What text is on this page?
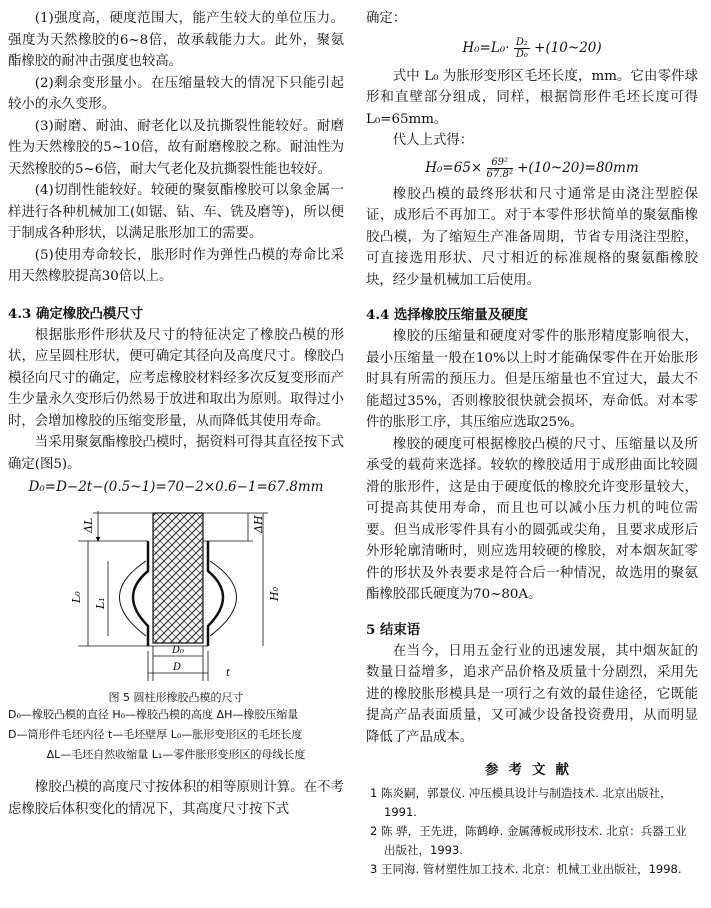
(1)强度高，硬度范围大，能产生较大的单位压力。强度为天然橡胶的6~8倍，故承载能力大。此外，聚氨酯橡胶的耐冲击强度也较高。

(2)剩余变形量小。在压缩量较大的情况下只能引起较小的永久变形。

(3)耐磨、耐油、耐老化以及抗撕裂性能较好。耐磨性为天然橡胶的5~10倍，故有耐磨橡胶之称。耐油性为天然橡胶的5~6倍，耐大气老化及抗撕裂性能也较好。

(4)切削性能较好。较硬的聚氨酯橡胶可以象金属一样进行各种机械加工(如锯、钻、车、铣及磨等)，所以便于制成各种形状，以满足胀形加工的需要。

(5)使用寿命较长，胀形时作为弹性凸模的寿命比采用天然橡胶提高30倍以上。

4.3 确定橡胶凸模尺寸

根据胀形件形状及尺寸的特征决定了橡胶凸模的形状，应呈圆柱形状，便可确定其径向及高度尺寸。橡胶凸模径向尺寸的确定，应考虑橡胶材料经多次反复变形而产生少量永久变形后仍然易于放进和取出为原则。取得过小时，会增加橡胶的压缩变形量，从而降低其使用寿命。

当采用聚氨酯橡胶凸模时，据资料可得其直径按下式确定(图5)。

D₀=D−2t−(0.5~1)=70−2×0.6−1=67.8mm

ΔL
L₀
L₁
ΔH
H₀
D₀
D
t
图 5 圆柱形橡胶凸模的尺寸
D₀—橡胶凸模的直径 H₀—橡胶凸模的高度 ΔH—橡胶压缩量
D—筒形件毛坯内径 t—毛坯壁厚 L₀—胀形变形区的毛坯长度
ΔL—毛坯自然收缩量 L₁—零件胀形变形区的母线长度

橡胶凸模的高度尺寸按体积的相等原则计算。在不考虑橡胶后体积变化的情况下，其高度尺寸按下式

确定：

$H_0=L_0\cdot \frac{\text{D₂}}{\text{D₀}}$ +(10~20)

式中 L₀ 为胀形变形区毛坯长度，mm。它由零件球形和直壁部分组成，同样，根据筒形件毛坯长度可得L₀=65mm。

代人上式得：

$H_0=65\times \frac{\text{69²}}{\text{67.8²}}$ +(10~20)=80mm

橡胶凸模的最终形状和尺寸通常是由浇注型腔保证，成形后不再加工。对于本零件形状简单的聚氨酯橡胶凸模，为了缩短生产准备周期，节省专用浇注型腔，可直接选用形状、尺寸相近的标准规格的聚氨酯橡胶块，经少量机械加工后使用。

4.4 选择橡胶压缩量及硬度

橡胶的压缩量和硬度对零件的胀形精度影响很大，最小压缩量一般在10%以上时才能确保零件在开始胀形时具有所需的预压力。但是压缩量也不宜过大，最大不能超过35%，否则橡胶很快就会损坏，寿命低。对本零件的胀形工序，其压缩应选取25%。

橡胶的硬度可根据橡胶凸模的尺寸、压缩量以及所承受的载荷来选择。较软的橡胶适用于成形曲面比较圆滑的胀形件，这是由于硬度低的橡胶允许变形量较大，可提高其使用寿命，而且也可以减小压力机的吨位需要。但当成形零件具有小的圆弧或尖角，且要求成形后外形轮廓清晰时，则应选用较硬的橡胶，对本烟灰缸零件的形状及外表要求是符合后一种情况，故选用的聚氨酯橡胶邵氏硬度为70~80A。

5 结束语

在当今，日用五金行业的迅速发展，其中烟灰缸的数量日益增多，追求产品价格及质量十分剧烈，采用先进的橡胶胀形模具是一项行之有效的最佳途径，它既能提高产品表面质量，又可减少设备投资费用，从而明显降低了产品成本。

参考文献
1 陈炎嗣，郭景仪. 冲压模具设计与制造技术. 北京出版社，1991.
2 陈 骅，王先进，陈鹤峥. 金属薄板成形技术. 北京：兵器工业出版社，1993.
3 王同海. 管材塑性加工技术. 北京：机械工业出版社，1998.
